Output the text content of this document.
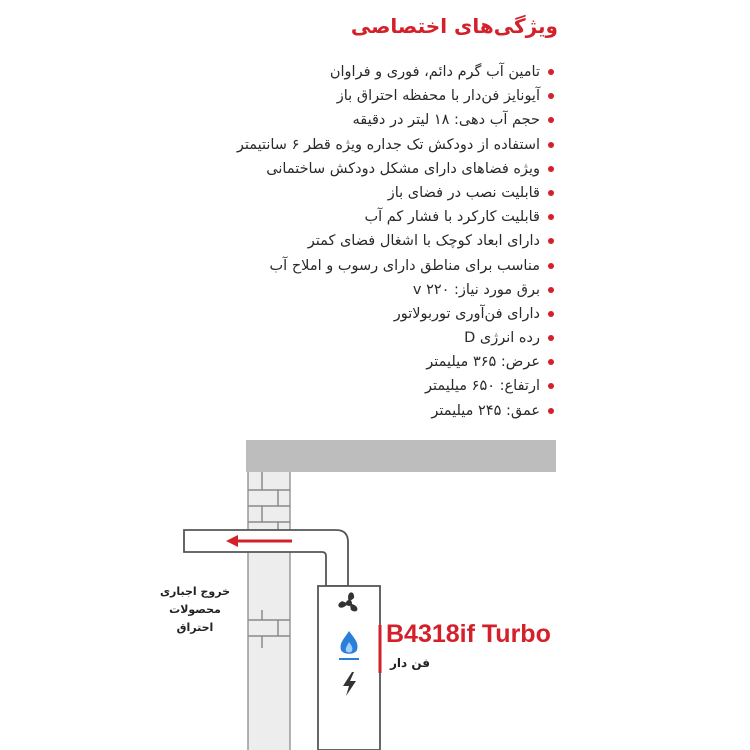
ویژگی‌های اختصاصی
تامین آب گرم دائم، فوری و فراوان
آیونایز فن‌دار با محفظه احتراق باز
حجم آب دهی: ۱۸ لیتر در دقیقه
استفاده از دودکش تک جداره ویژه قطر ۶ سانتیمتر
ویژه فضاهای دارای مشکل دودکش ساختمانی
قابلیت نصب در فضای باز
قابلیت کارکرد با فشار کم آب
دارای ابعاد کوچک با اشغال فضای کمتر
مناسب برای مناطق دارای رسوب و املاح آب
برق مورد نیاز: ۲۲۰ v
دارای فن‌آوری توربولاتور
رده انرژی D
عرض: ۳۶۵ میلیمتر
ارتفاع: ۶۵۰ میلیمتر
عمق: ۲۴۵ میلیمتر
خروج اجباری
محصولات احتراق	B4318if Turbo
فن دار
